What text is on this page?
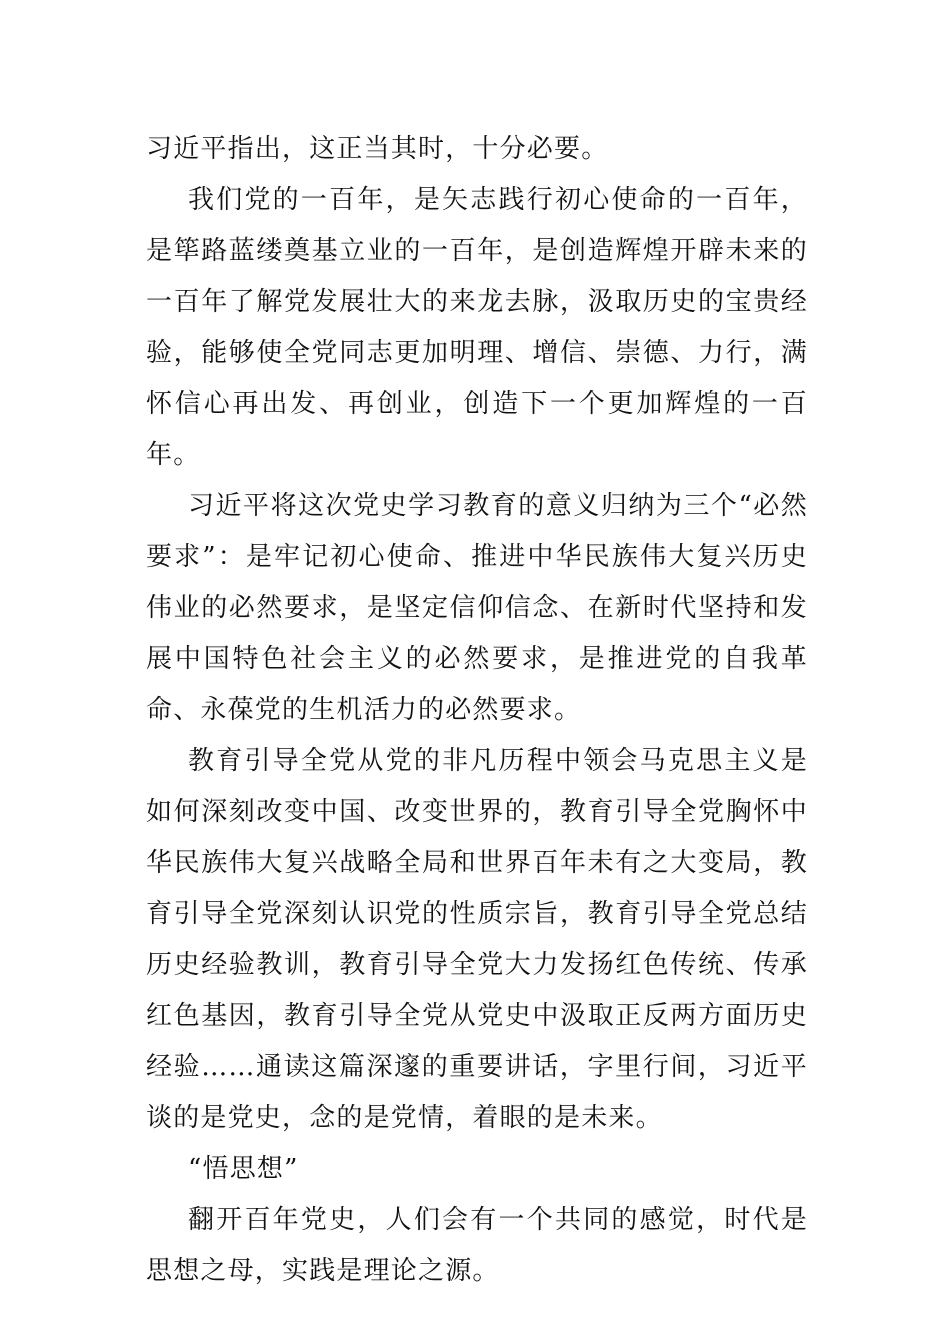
习近平指出，这正当其时，十分必要。

我们党的一百年，是矢志践行初心使命的一百年，是筚路蓝缕奠基立业的一百年，是创造辉煌开辟未来的一百年了解党发展壮大的来龙去脉，汲取历史的宝贵经验，能够使全党同志更加明理、增信、崇德、力行，满怀信心再出发、再创业，创造下一个更加辉煌的一百年。

习近平将这次党史学习教育的意义归纳为三个“必然要求”：是牢记初心使命、推进中华民族伟大复兴历史伟业的必然要求，是坚定信仰信念、在新时代坚持和发展中国特色社会主义的必然要求，是推进党的自我革命、永葆党的生机活力的必然要求。

教育引导全党从党的非凡历程中领会马克思主义是如何深刻改变中国、改变世界的，教育引导全党胸怀中华民族伟大复兴战略全局和世界百年未有之大变局，教育引导全党深刻认识党的性质宗旨，教育引导全党总结历史经验教训，教育引导全党大力发扬红色传统、传承红色基因，教育引导全党从党史中汲取正反两方面历史经验……通读这篇深邃的重要讲话，字里行间，习近平谈的是党史，念的是党情，着眼的是未来。

“悟思想”

翻开百年党史，人们会有一个共同的感觉，时代是思想之母，实践是理论之源。
